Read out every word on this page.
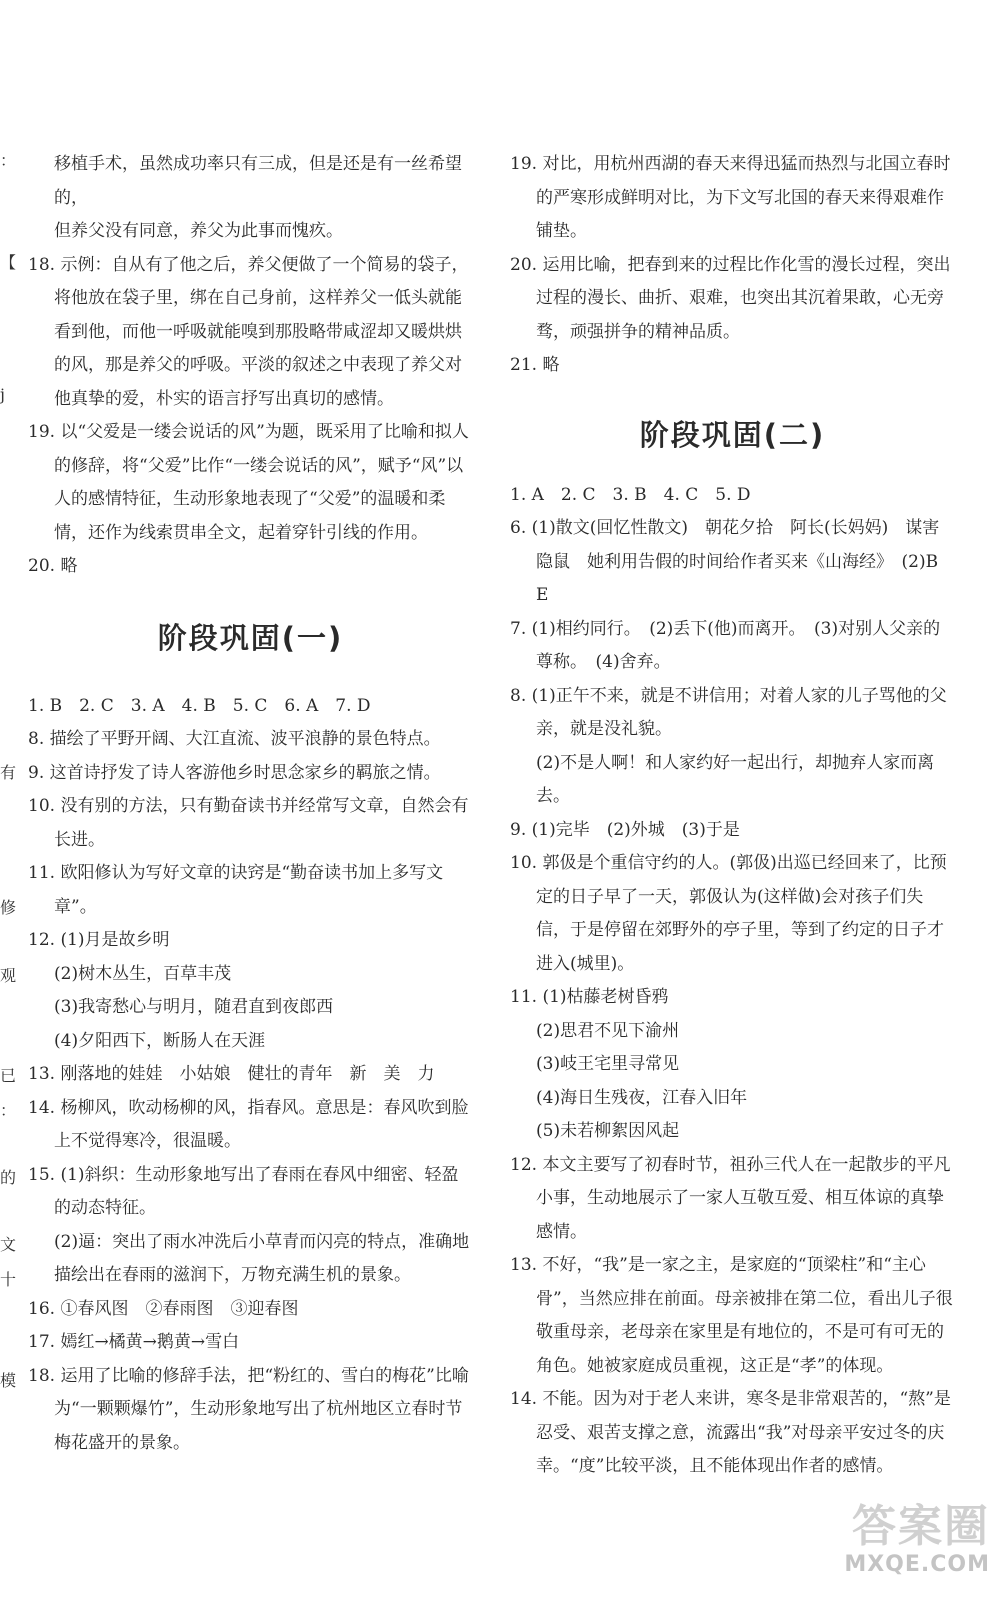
：
【
j
有
修
观
已
：
的
文
十
模

移植手术，虽然成功率只有三成，但是还是有一丝希望的，

但养父没有同意，养父为此事而愧疚。

18. 示例：自从有了他之后，养父便做了一个简易的袋子，将他放在袋子里，绑在自己身前，这样养父一低头就能看到他，而他一呼吸就能嗅到那股略带咸涩却又暖烘烘的风，那是养父的呼吸。平淡的叙述之中表现了养父对他真挚的爱，朴实的语言抒写出真切的感情。

19. 以“父爱是一缕会说话的风”为题，既采用了比喻和拟人的修辞，将“父爱”比作“一缕会说话的风”，赋予“风”以人的感情特征，生动形象地表现了“父爱”的温暖和柔情，还作为线索贯串全文，起着穿针引线的作用。

20. 略

阶段巩固(一)

1. B　2. C　3. A　4. B　5. C　6. A　7. D

8. 描绘了平野开阔、大江直流、波平浪静的景色特点。

9. 这首诗抒发了诗人客游他乡时思念家乡的羁旅之情。

10. 没有别的方法，只有勤奋读书并经常写文章，自然会有长进。

11. 欧阳修认为写好文章的诀窍是“勤奋读书加上多写文章”。

12. (1)月是故乡明

(2)树木丛生，百草丰茂

(3)我寄愁心与明月，随君直到夜郎西

(4)夕阳西下，断肠人在天涯

13. 刚落地的娃娃　小姑娘　健壮的青年　新　美　力

14. 杨柳风，吹动杨柳的风，指春风。意思是：春风吹到脸上不觉得寒冷，很温暖。

15. (1)斜织：生动形象地写出了春雨在春风中细密、轻盈的动态特征。

(2)逼：突出了雨水冲洗后小草青而闪亮的特点，准确地描绘出在春雨的滋润下，万物充满生机的景象。

16. ①春风图　②春雨图　③迎春图

17. 嫣红→橘黄→鹅黄→雪白

18. 运用了比喻的修辞手法，把“粉红的、雪白的梅花”比喻为“一颗颗爆竹”，生动形象地写出了杭州地区立春时节梅花盛开的景象。

19. 对比，用杭州西湖的春天来得迅猛而热烈与北国立春时的严寒形成鲜明对比，为下文写北国的春天来得艰难作铺垫。

20. 运用比喻，把春到来的过程比作化雪的漫长过程，突出过程的漫长、曲折、艰难，也突出其沉着果敢，心无旁骛，顽强拼争的精神品质。

21. 略

阶段巩固(二)

1. A　2. C　3. B　4. C　5. D

6. (1)散文(回忆性散文)　朝花夕拾　阿长(长妈妈)　谋害隐鼠　她利用告假的时间给作者买来《山海经》　(2)B　E

7. (1)相约同行。　(2)丢下(他)而离开。　(3)对别人父亲的尊称。　(4)舍弃。

8. (1)正午不来，就是不讲信用；对着人家的儿子骂他的父亲，就是没礼貌。

(2)不是人啊！和人家约好一起出行，却抛弃人家而离去。

9. (1)完毕　(2)外城　(3)于是

10. 郭伋是个重信守约的人。(郭伋)出巡已经回来了，比预定的日子早了一天，郭伋认为(这样做)会对孩子们失信，于是停留在郊野外的亭子里，等到了约定的日子才进入(城里)。

11. (1)枯藤老树昏鸦

(2)思君不见下渝州

(3)岐王宅里寻常见

(4)海日生残夜，江春入旧年

(5)未若柳絮因风起

12. 本文主要写了初春时节，祖孙三代人在一起散步的平凡小事，生动地展示了一家人互敬互爱、相互体谅的真挚感情。

13. 不好，“我”是一家之主，是家庭的“顶梁柱”和“主心骨”，当然应排在前面。母亲被排在第二位，看出儿子很敬重母亲，老母亲在家里是有地位的，不是可有可无的角色。她被家庭成员重视，这正是“孝”的体现。

14. 不能。因为对于老人来讲，寒冬是非常艰苦的，“熬”是忍受、艰苦支撑之意，流露出“我”对母亲平安过冬的庆幸。“度”比较平淡，且不能体现出作者的感情。

答案圈
MXQE.COM
